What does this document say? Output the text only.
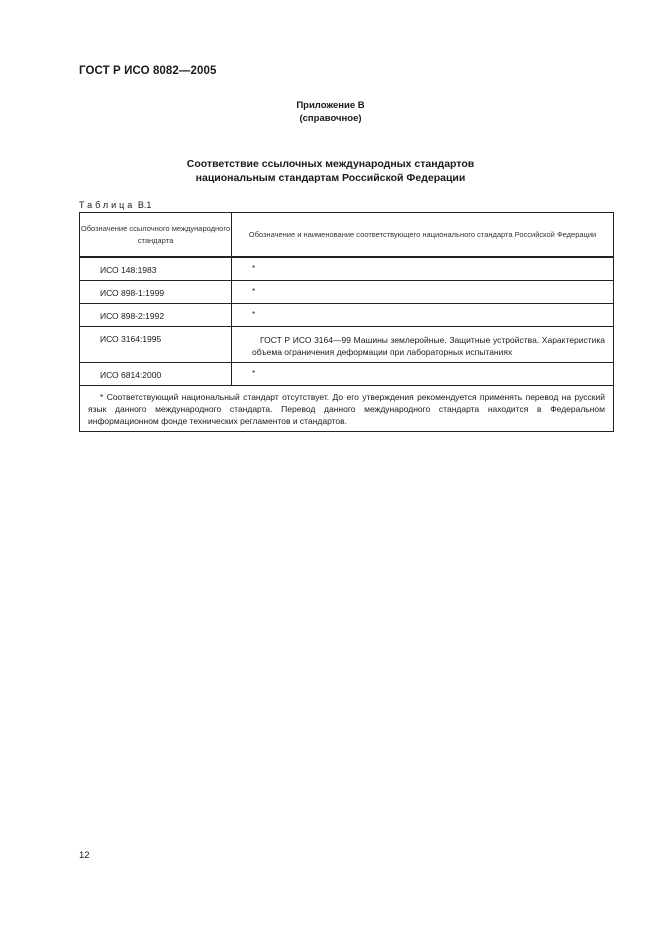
ГОСТ Р ИСО 8082—2005
Приложение В
(справочное)
Соответствие ссылочных международных стандартов
национальным стандартам Российской Федерации
Таблица В.1
Обозначение ссылочного международного стандарта	Обозначение и наименование соответствующего национального стандарта Российской Федерации
ИСО 148:1983	*
ИСО 898-1:1999	*
ИСО 898-2:1992	*
ИСО 3164:1995	ГОСТ Р ИСО 3164—99 Машины землеройные. Защитные устройства. Характеристика объема ограничения деформации при лабораторных испытаниях

ИСО 6814:2000	*

* Соответствующий национальный стандарт отсутствует. До его утверждения рекомендуется применять перевод на русский язык данного международного стандарта. Перевод данного международного стандарта находится в Федеральном информационном фонде технических регламентов и стандартов.	
12
